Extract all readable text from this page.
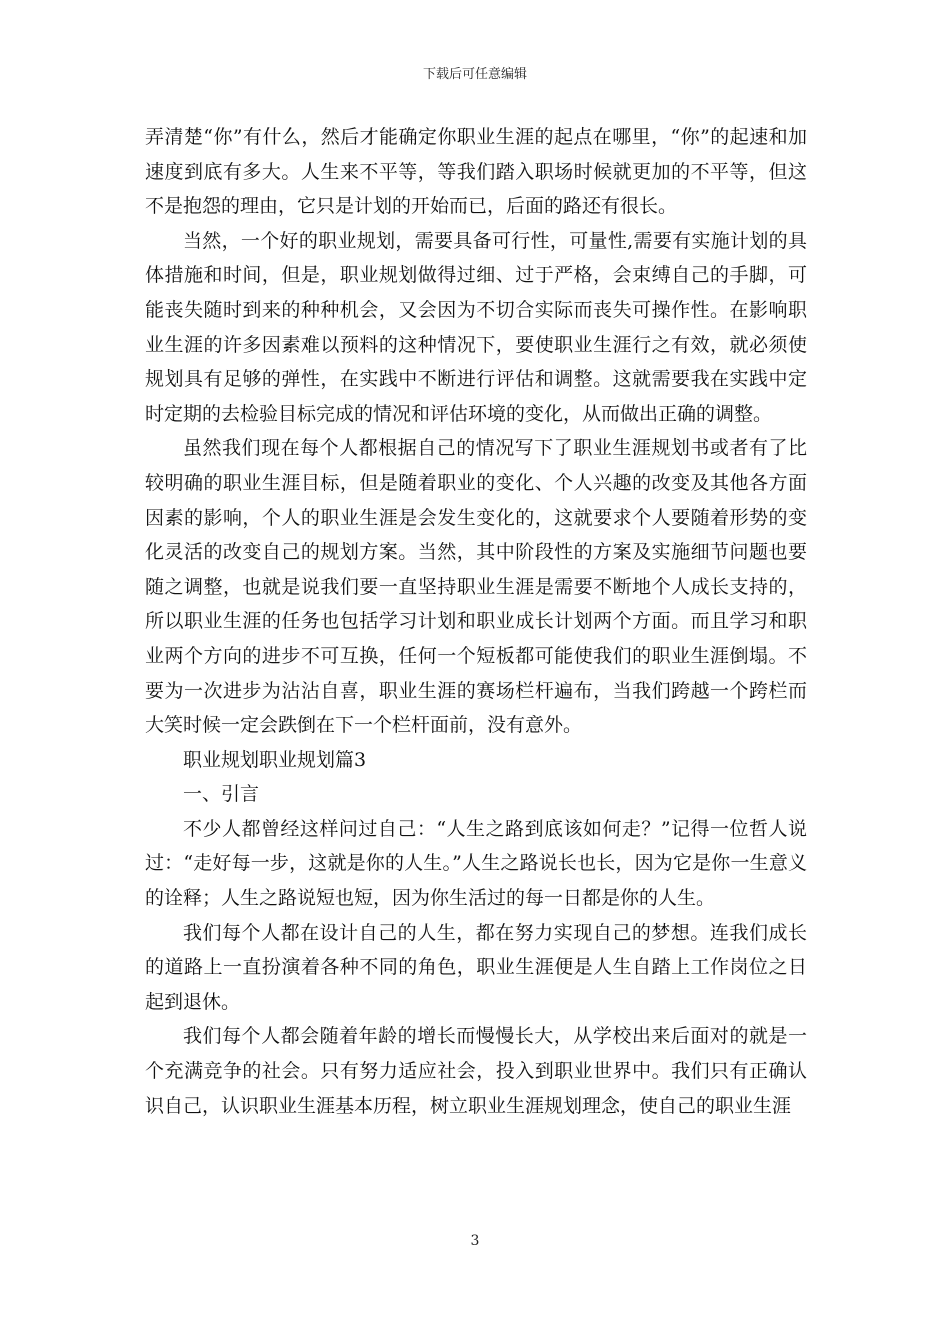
下载后可任意编辑

弄清楚“你”有什么，然后才能确定你职业生涯的起点在哪里，“你”的起速和加速度到底有多大。人生来不平等，等我们踏入职场时候就更加的不平等，但这不是抱怨的理由，它只是计划的开始而已，后面的路还有很长。

当然，一个好的职业规划，需要具备可行性，可量性,需要有实施计划的具体措施和时间，但是，职业规划做得过细、过于严格，会束缚自己的手脚，可能丧失随时到来的种种机会，又会因为不切合实际而丧失可操作性。在影响职业生涯的许多因素难以预料的这种情况下，要使职业生涯行之有效，就必须使规划具有足够的弹性，在实践中不断进行评估和调整。这就需要我在实践中定时定期的去检验目标完成的情况和评估环境的变化，从而做出正确的调整。

虽然我们现在每个人都根据自己的情况写下了职业生涯规划书或者有了比较明确的职业生涯目标，但是随着职业的变化、个人兴趣的改变及其他各方面因素的影响，个人的职业生涯是会发生变化的，这就要求个人要随着形势的变化灵活的改变自己的规划方案。当然，其中阶段性的方案及实施细节问题也要随之调整，也就是说我们要一直坚持职业生涯是需要不断地个人成长支持的，所以职业生涯的任务也包括学习计划和职业成长计划两个方面。而且学习和职业两个方向的进步不可互换，任何一个短板都可能使我们的职业生涯倒塌。不要为一次进步为沾沾自喜，职业生涯的赛场栏杆遍布，当我们跨越一个跨栏而大笑时候一定会跌倒在下一个栏杆面前，没有意外。

职业规划职业规划篇3

一、引言

不少人都曾经这样问过自己：“人生之路到底该如何走？”记得一位哲人说过：“走好每一步，这就是你的人生。”人生之路说长也长，因为它是你一生意义的诠释；人生之路说短也短，因为你生活过的每一日都是你的人生。

我们每个人都在设计自己的人生，都在努力实现自己的梦想。连我们成长的道路上一直扮演着各种不同的角色，职业生涯便是人生自踏上工作岗位之日起到退休。

我们每个人都会随着年龄的增长而慢慢长大，从学校出来后面对的就是一个充满竞争的社会。只有努力适应社会，投入到职业世界中。我们只有正确认识自己，认识职业生涯基本历程，树立职业生涯规划理念，使自己的职业生涯

3
